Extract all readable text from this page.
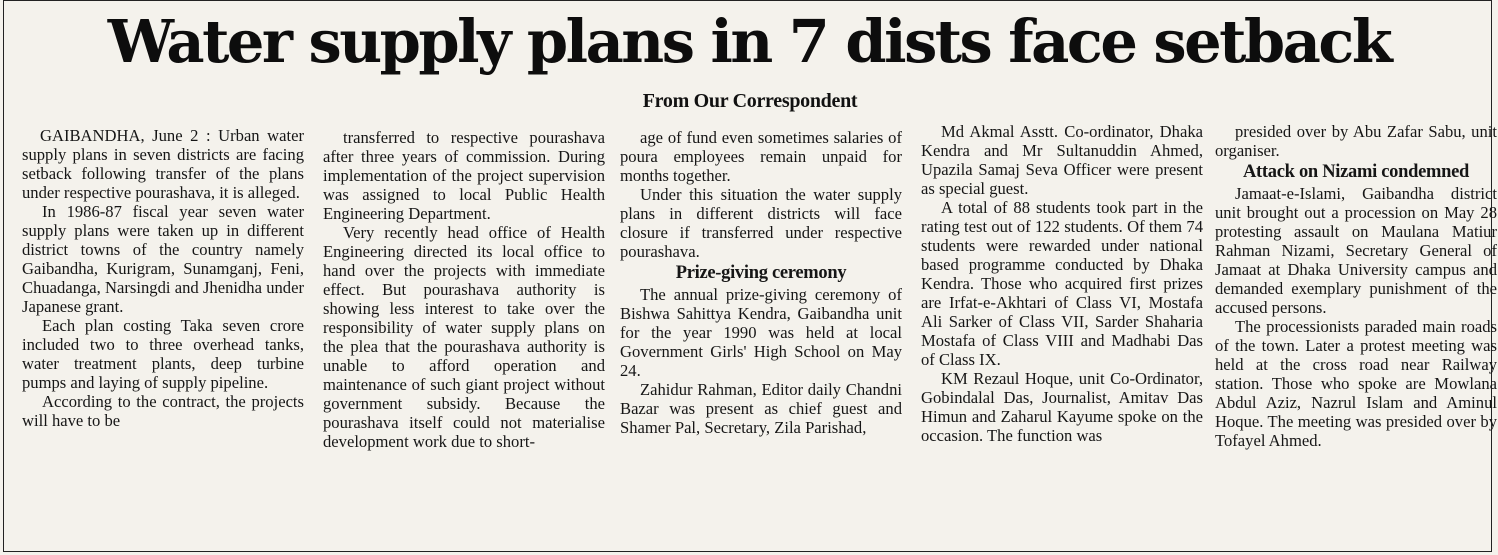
Water supply plans in 7 dists face setback
From Our Correspondent

GAIBANDHA, June 2 : Urban water supply plans in seven districts are facing setback following transfer of the plans under respective pourashava, it is alleged.

In 1986-87 fiscal year seven water supply plans were taken up in different district towns of the country namely Gaibandha, Kurigram, Sunamganj, Feni, Chuadanga, Narsingdi and Jhenidha under Japanese grant.

Each plan costing Taka seven crore included two to three overhead tanks, water treatment plants, deep turbine pumps and laying of supply pipeline.

According to the contract, the projects will have to be

transferred to respective pourashava after three years of commission. During implementation of the project supervision was assigned to local Public Health Engineering Department.

Very recently head office of Health Engineering directed its local office to hand over the projects with immediate effect. But pourashava authority is showing less interest to take over the responsibility of water supply plans on the plea that the pourashava authority is unable to afford operation and maintenance of such giant project without government subsidy. Because the pourashava itself could not materialise development work due to short-

age of fund even sometimes salaries of poura employees remain unpaid for months together.

Under this situation the water supply plans in different districts will face closure if transferred under respective pourashava.

Prize-giving ceremony

The annual prize-giving ceremony of Bishwa Sahittya Kendra, Gaibandha unit for the year 1990 was held at local Government Girls' High School on May 24.

Zahidur Rahman, Editor daily Chandni Bazar was present as chief guest and Shamer Pal, Secretary, Zila Parishad,

Md Akmal Asstt. Co-ordinator, Dhaka Kendra and Mr Sultanuddin Ahmed, Upazila Samaj Seva Officer were present as special guest.

A total of 88 students took part in the rating test out of 122 students. Of them 74 students were rewarded under national based programme conducted by Dhaka Kendra. Those who acquired first prizes are Irfat-e-Akhtari of Class VI, Mostafa Ali Sarker of Class VII, Sarder Shaharia Mostafa of Class VIII and Madhabi Das of Class IX.

KM Rezaul Hoque, unit Co-Ordinator, Gobindalal Das, Journalist, Amitav Das Himun and Zaharul Kayume spoke on the occasion. The function was

presided over by Abu Zafar Sabu, unit organiser.

Attack on Nizami condemned

Jamaat-e-Islami, Gaibandha district unit brought out a procession on May 28 protesting assault on Maulana Matiur Rahman Nizami, Secretary General of Jamaat at Dhaka University campus and demanded exemplary punishment of the accused persons.

The processionists paraded main roads of the town. Later a protest meeting was held at the cross road near Railway station. Those who spoke are Mowlana Abdul Aziz, Nazrul Islam and Aminul Hoque. The meeting was presided over by Tofayel Ahmed.
